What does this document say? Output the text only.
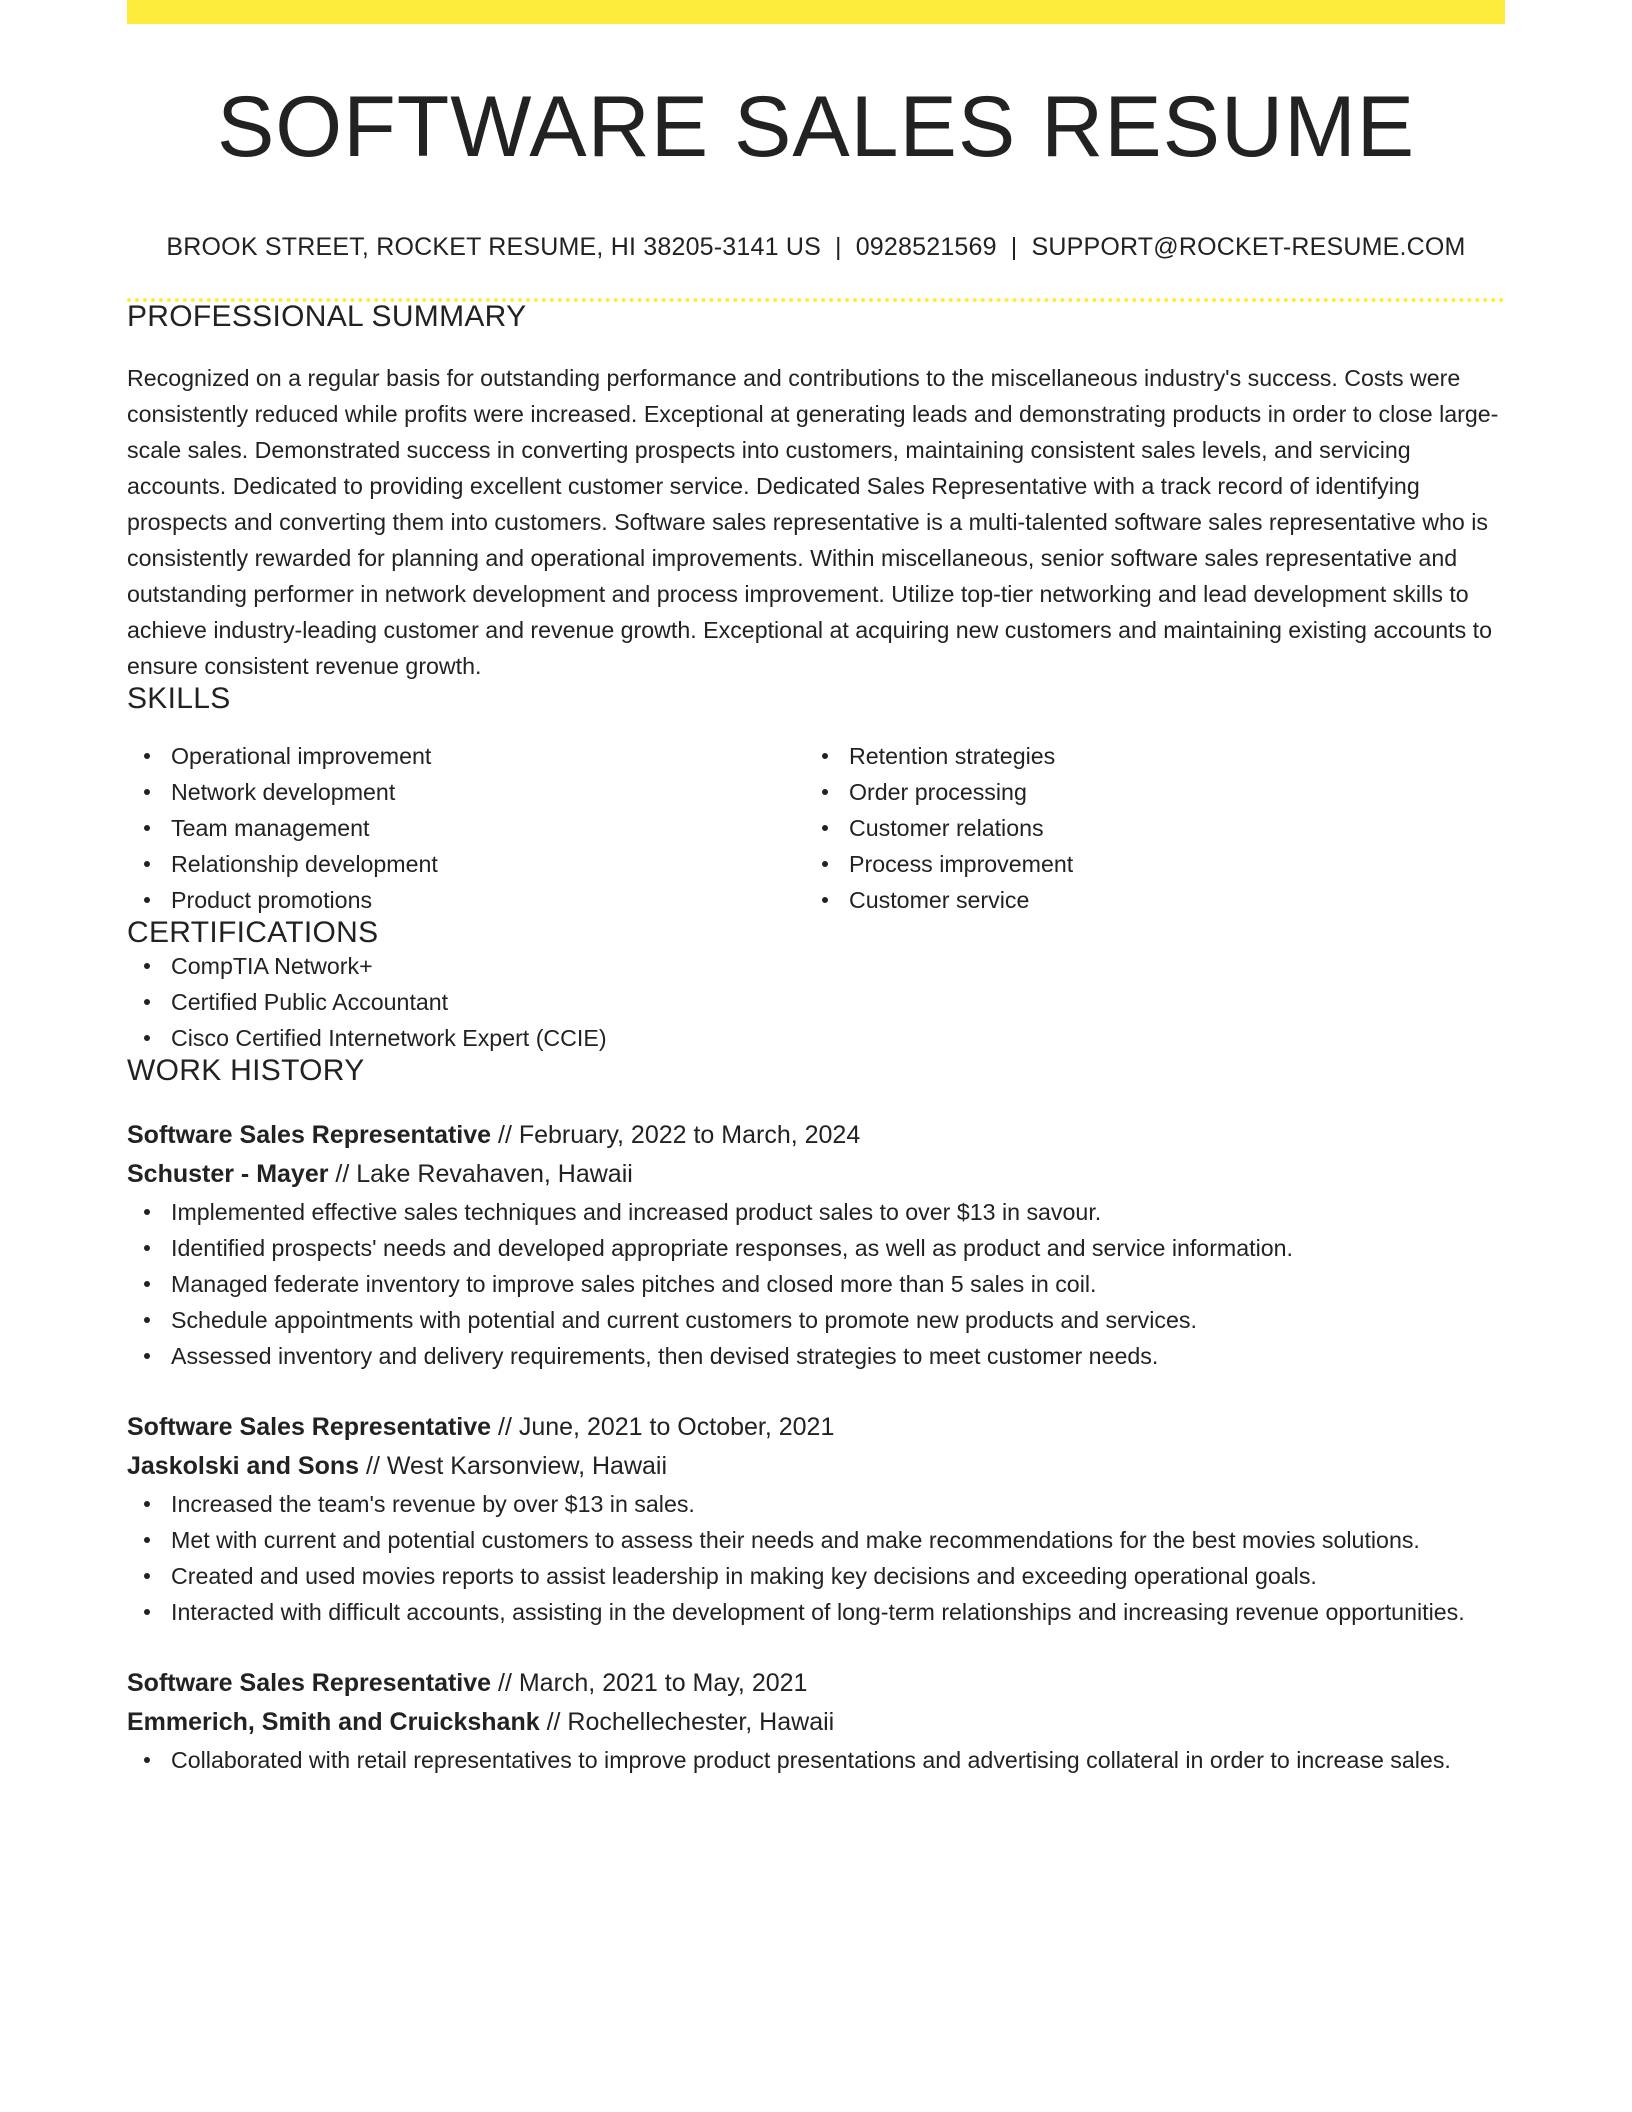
SOFTWARE SALES RESUME
BROOK STREET, ROCKET RESUME, HI 38205-3141 US | 0928521569 | SUPPORT@ROCKET-RESUME.COM
PROFESSIONAL SUMMARY

Recognized on a regular basis for outstanding performance and contributions to the miscellaneous industry's success. Costs were consistently reduced while profits were increased. Exceptional at generating leads and demonstrating products in order to close large-scale sales. Demonstrated success in converting prospects into customers, maintaining consistent sales levels, and servicing accounts. Dedicated to providing excellent customer service. Dedicated Sales Representative with a track record of identifying prospects and converting them into customers. Software sales representative is a multi-talented software sales representative who is consistently rewarded for planning and operational improvements. Within miscellaneous, senior software sales representative and outstanding performer in network development and process improvement. Utilize top-tier networking and lead development skills to achieve industry-leading customer and revenue growth. Exceptional at acquiring new customers and maintaining existing accounts to ensure consistent revenue growth.

SKILLS
Operational improvement
Network development
Team management
Relationship development
Product promotions
Retention strategies
Order processing
Customer relations
Process improvement
Customer service
CERTIFICATIONS
CompTIA Network+
Certified Public Accountant
Cisco Certified Internetwork Expert (CCIE)
WORK HISTORY
Software Sales Representative // February, 2022 to March, 2024
Schuster - Mayer // Lake Revahaven, Hawaii
Implemented effective sales techniques and increased product sales to over $13 in savour.
Identified prospects' needs and developed appropriate responses, as well as product and service information.
Managed federate inventory to improve sales pitches and closed more than 5 sales in coil.
Schedule appointments with potential and current customers to promote new products and services.
Assessed inventory and delivery requirements, then devised strategies to meet customer needs.
Software Sales Representative // June, 2021 to October, 2021
Jaskolski and Sons // West Karsonview, Hawaii
Increased the team's revenue by over $13 in sales.
Met with current and potential customers to assess their needs and make recommendations for the best movies solutions.
Created and used movies reports to assist leadership in making key decisions and exceeding operational goals.
Interacted with difficult accounts, assisting in the development of long-term relationships and increasing revenue opportunities.
Software Sales Representative // March, 2021 to May, 2021
Emmerich, Smith and Cruickshank // Rochellechester, Hawaii
Collaborated with retail representatives to improve product presentations and advertising collateral in order to increase sales.
